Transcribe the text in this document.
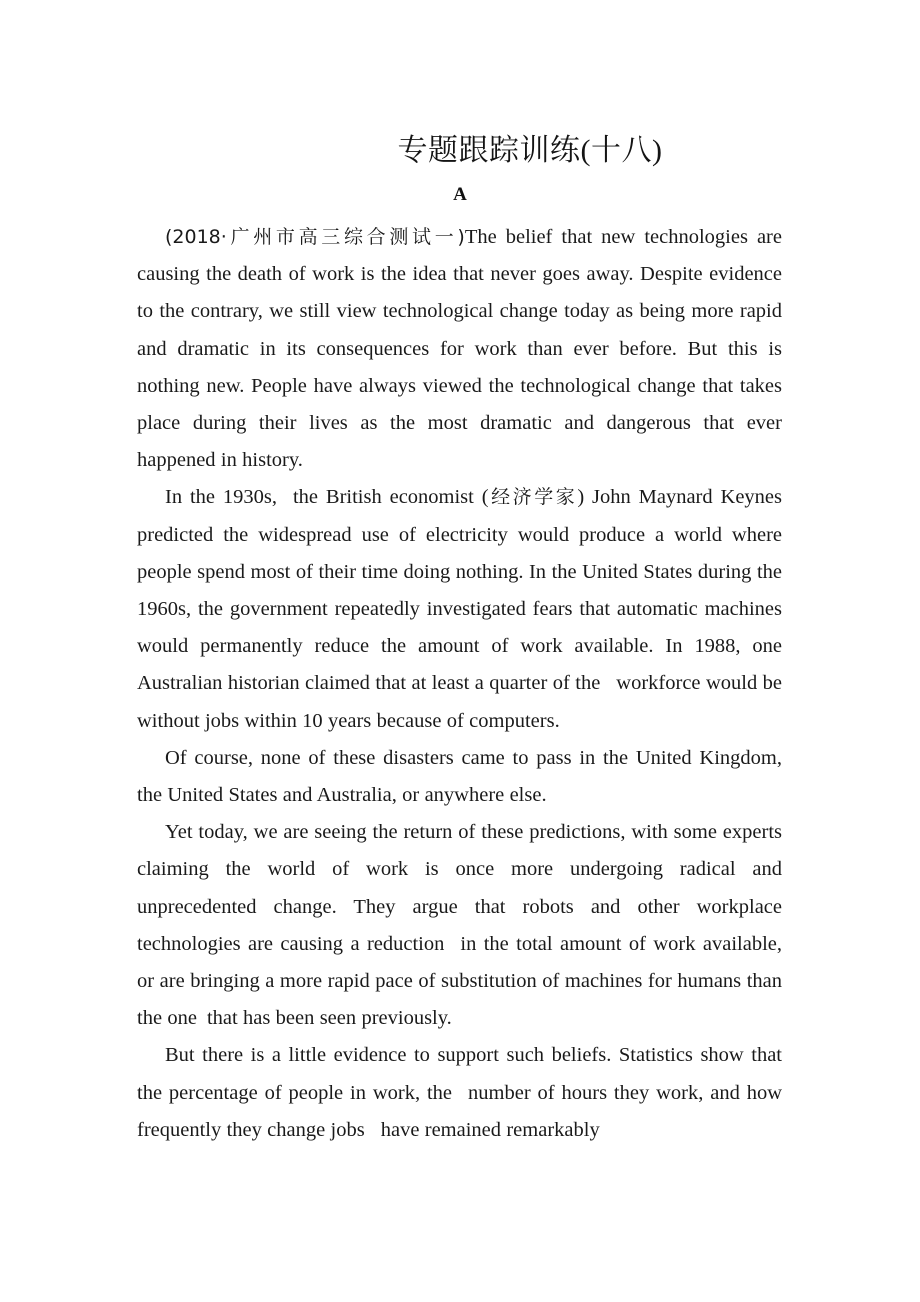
专题跟踪训练(十八)
A

(2018·广州市高三综合测试一)The belief that new technologies are causing the death of work is the idea that never goes away. Despite evidence to the contrary, we still view technological change today as being more rapid and dramatic in its consequences for work than ever before. But this is nothing new. People have always viewed the technological change that takes place during their lives as the most dramatic and dangerous that ever happened in history.

In the 1930s, the British economist (经济学家) John Maynard Keynes predicted the widespread use of electricity would produce a world where people spend most of their time doing nothing. In the United States during the 1960s, the government repeatedly investigated fears that automatic machines would permanently reduce the amount of work available. In 1988, one Australian historian claimed that at least a quarter of the workforce would be without jobs within 10 years because of computers.

Of course, none of these disasters came to pass in the United Kingdom, the United States and Australia, or anywhere else.

Yet today, we are seeing the return of these predictions, with some experts claiming the world of work is once more undergoing radical and unprecedented change. They argue that robots and other workplace technologies are causing a reduction in the total amount of work available, or are bringing a more rapid pace of substitution of machines for humans than the one that has been seen previously.

But there is a little evidence to support such beliefs. Statistics show that the percentage of people in work, the number of hours they work, and how frequently they change jobs have remained remarkably
